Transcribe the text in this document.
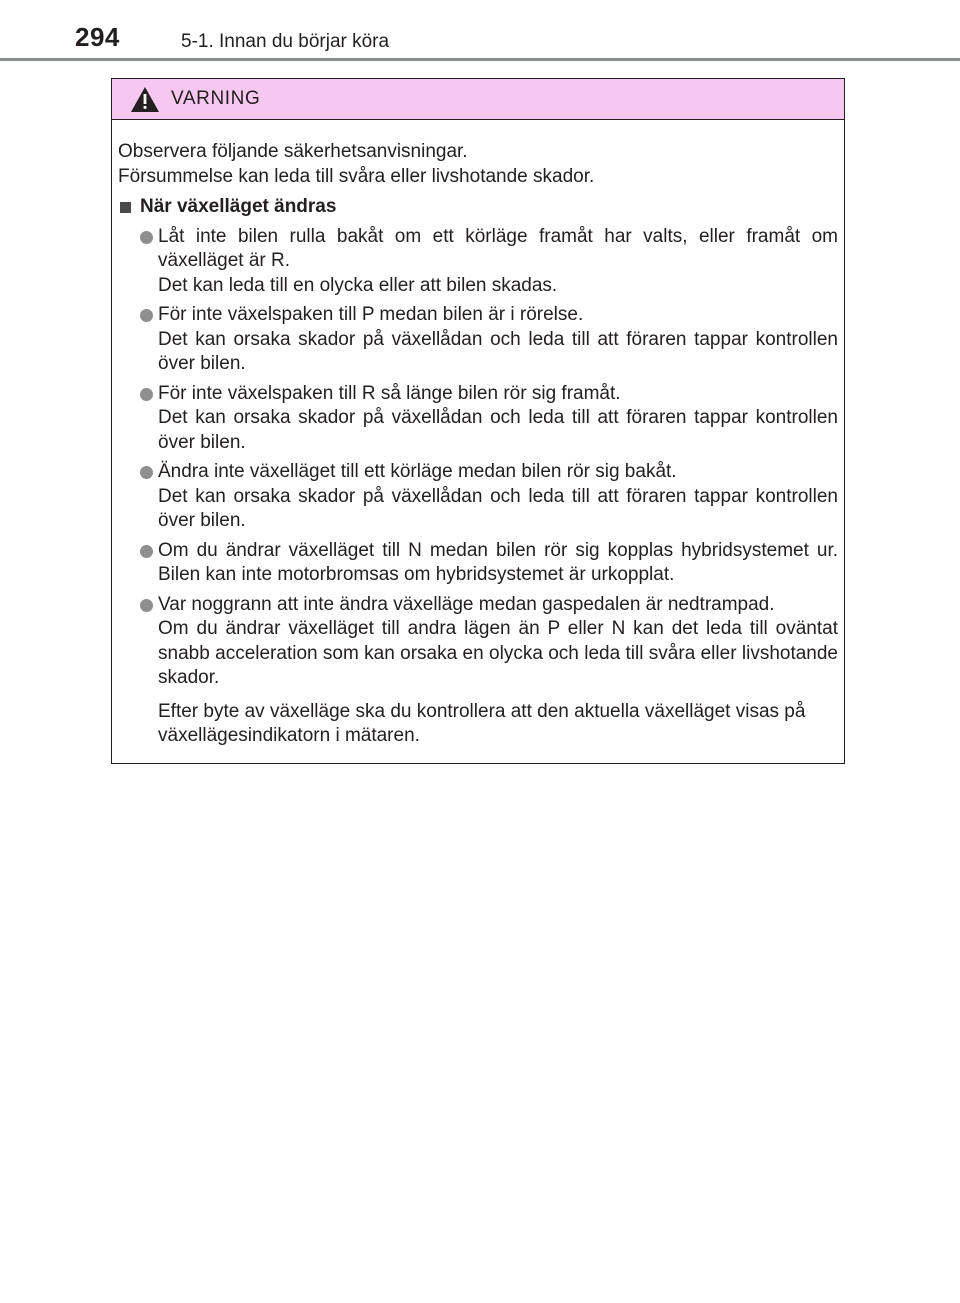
294	5-1. Innan du börjar köra
VARNING

Observera följande säkerhetsanvisningar.

Försummelse kan leda till svåra eller livshotande skador.

När växelläget ändras

Låt inte bilen rulla bakåt om ett körläge framåt har valts, eller framåt om växelläget är R.

Det kan leda till en olycka eller att bilen skadas.

För inte växelspaken till P medan bilen är i rörelse.

Det kan orsaka skador på växellådan och leda till att föraren tappar kontrollen över bilen.

För inte växelspaken till R så länge bilen rör sig framåt.

Det kan orsaka skador på växellådan och leda till att föraren tappar kontrollen över bilen.

Ändra inte växelläget till ett körläge medan bilen rör sig bakåt.

Det kan orsaka skador på växellådan och leda till att föraren tappar kontrollen över bilen.

Om du ändrar växelläget till N medan bilen rör sig kopplas hybridsystemet ur. Bilen kan inte motorbromsas om hybridsystemet är urkopplat.

Var noggrann att inte ändra växelläge medan gaspedalen är nedtrampad.

Om du ändrar växelläget till andra lägen än P eller N kan det leda till oväntat snabb acceleration som kan orsaka en olycka och leda till svåra eller livshotande skador.

Efter byte av växelläge ska du kontrollera att den aktuella växelläget visas på växellägesindikatorn i mätaren.
